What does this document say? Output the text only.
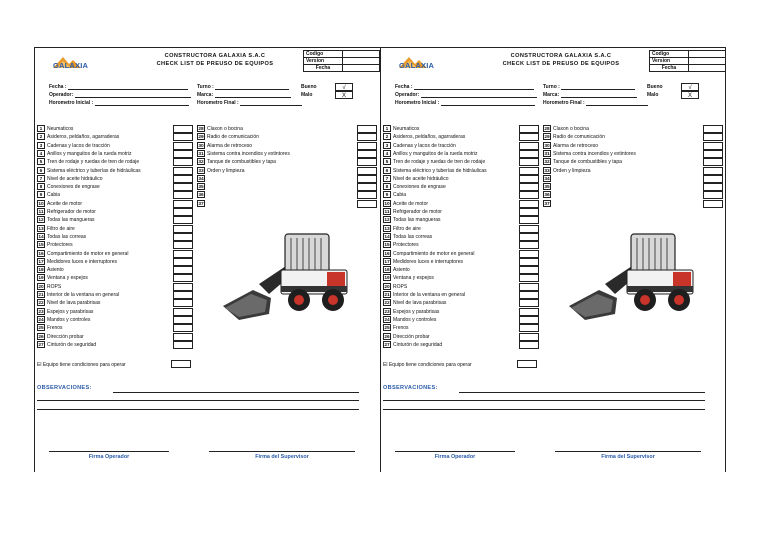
GALAXIA
CONSTRUCTORA GALAXIA S.A.C
CHECK LIST DE PREUSO DE EQUIPOS
Codigo	
Version	
Fecha	
Fecha :
Operador:
Horometro Inicial :
Turno :
Marca:
Horometro Final :
Bueno
Malo
√
X
1 Neumaticos
2 Asideros, peldaños, agarraderas
3 Cadenas y lacos de tracción
4 Anillos y manguitos de la rueda motriz
5 Tren de rodaje y ruedas de tren de rodaje
6 Sistema eléctrico y tuberías de hidráulicas
7 Nivel de aceite hidráulico
8 Conexiones de engrase
9 Cabia
10 Aceite de motor
11 Refrigerador de motor
12 Todas las mangueras
13 Filtro de aire
14 Todas las correas
15 Protectores
16 Compartimiento de motor en general
17 Medidores luces e interruptores
18 Asiento
19 Ventana y espejos
20 ROPS
21 Interior de la ventana en general
22 Nivel de lava parabrisas
23 Espejos y parabrisas
24 Mandos y controles
25 Frenos
26 Dirección probar
27 Cinturón de seguridad
28 Claxon o bocina
29 Radio de comunicación
30 Alarma de retroceso
31 Sistema contra incendios y extintores
32 Tanque de combustibles y tapa
33 Orden y limpieza
34
35
36
37
El Equipo tiene condiciones para operar
OBSERVACIONES:
Firma Operador	Firma del Supervisor
GALAXIA
CONSTRUCTORA GALAXIA S.A.C
CHECK LIST DE PREUSO DE EQUIPOS
Codigo	
Version	
Fecha	
Fecha :
Operador:
Horometro Inicial :
Turno :
Marca:
Horometro Final :
Bueno
Malo
√
X
1 Neumaticos
2 Asideros, peldaños, agarraderas
3 Cadenas y lacos de tracción
4 Anillos y manguitos de la rueda motriz
5 Tren de rodaje y ruedas de tren de rodaje
6 Sistema eléctrico y tuberías de hidráulicas
7 Nivel de aceite hidráulico
8 Conexiones de engrase
9 Cabia
10 Aceite de motor
11 Refrigerador de motor
12 Todas las mangueras
13 Filtro de aire
14 Todas las correas
15 Protectores
16 Compartimiento de motor en general
17 Medidores luces e interruptores
18 Asiento
19 Ventana y espejos
20 ROPS
21 Interior de la ventana en general
22 Nivel de lava parabrisas
23 Espejos y parabrisas
24 Mandos y controles
25 Frenos
26 Dirección probar
27 Cinturón de seguridad
28 Claxon o bocina
29 Radio de comunicación
30 Alarma de retroceso
31 Sistema contra incendios y extintores
32 Tanque de combustibles y tapa
33 Orden y limpieza
34
35
36
37
El Equipo tiene condiciones para operar
OBSERVACIONES:
Firma Operador	Firma del Supervisor
